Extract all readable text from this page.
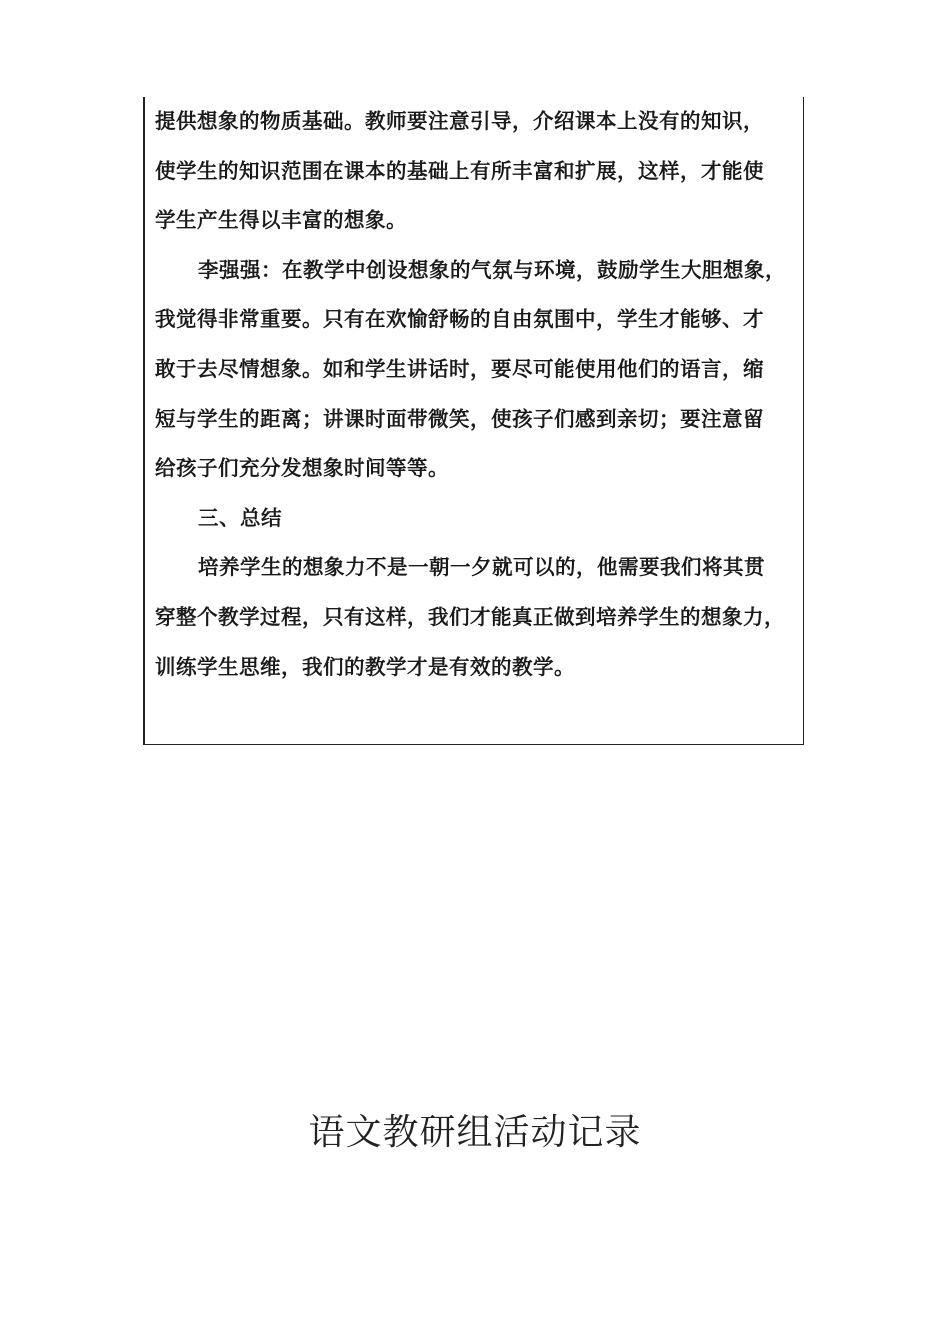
提供想象的物质基础。教师要注意引导，介绍课本上没有的知识，
使学生的知识范围在课本的基础上有所丰富和扩展，这样，才能使
学生产生得以丰富的想象。
李强强：在教学中创设想象的气氛与环境，鼓励学生大胆想象，
我觉得非常重要。只有在欢愉舒畅的自由氛围中，学生才能够、才
敢于去尽情想象。如和学生讲话时，要尽可能使用他们的语言，缩
短与学生的距离；讲课时面带微笑，使孩子们感到亲切；要注意留
给孩子们充分发想象时间等等。
三、总结
培养学生的想象力不是一朝一夕就可以的，他需要我们将其贯
穿整个教学过程，只有这样，我们才能真正做到培养学生的想象力，
训练学生思维，我们的教学才是有效的教学。
语文教研组活动记录
